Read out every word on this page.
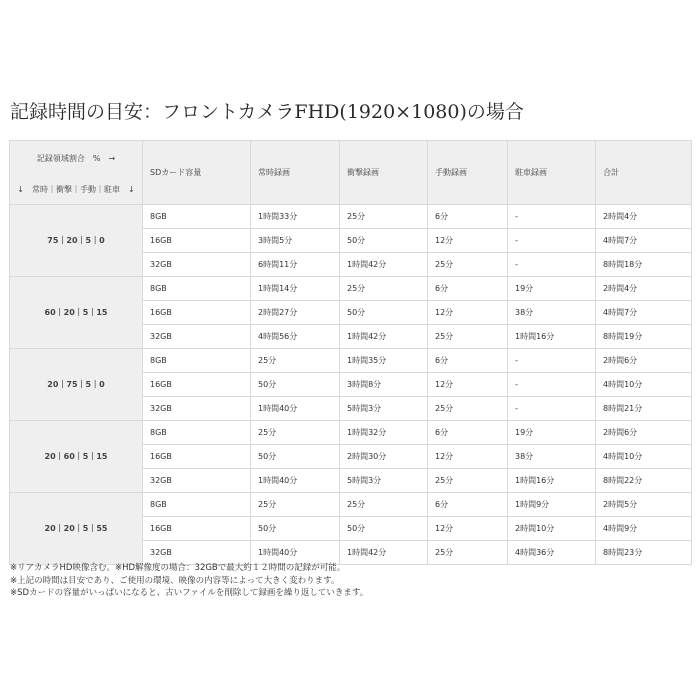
記録時間の目安：フロントカメラFHD(1920×1080)の場合
記録領域割合　%　→	SDカード容量	常時録画	衝撃録画	手動録画	駐車録画	合計
↓　常時｜衝撃｜手動｜駐車　↓						
75｜20｜5｜0	8GB	1時間33分	25分	6分	-	2時間4分
	16GB	3時間5分	50分	12分	-	4時間7分
	32GB	6時間11分	1時間42分	25分	-	8時間18分
60｜20｜5｜15	8GB	1時間14分	25分	6分	19分	2時間4分
	16GB	2時間27分	50分	12分	38分	4時間7分
	32GB	4時間56分	1時間42分	25分	1時間16分	8時間19分
20｜75｜5｜0	8GB	25分	1時間35分	6分	-	2時間6分
	16GB	50分	3時間8分	12分	-	4時間10分
	32GB	1時間40分	5時間3分	25分	-	8時間21分
20｜60｜5｜15	8GB	25分	1時間32分	6分	19分	2時間6分
	16GB	50分	2時間30分	12分	38分	4時間10分
	32GB	1時間40分	5時間3分	25分	1時間16分	8時間22分
20｜20｜5｜55	8GB	25分	25分	6分	1時間9分	2時間5分
	16GB	50分	50分	12分	2時間10分	4時間9分
	32GB	1時間40分	1時間42分	25分	4時間36分	8時間23分
※リアカメラHD映像含む。※HD解像度の場合：32GBで最大約１２時間の記録が可能。
※上記の時間は目安であり、ご使用の環境、映像の内容等によって大きく変わります。
※SDカードの容量がいっぱいになると、古いファイルを削除して録画を繰り返していきます。
